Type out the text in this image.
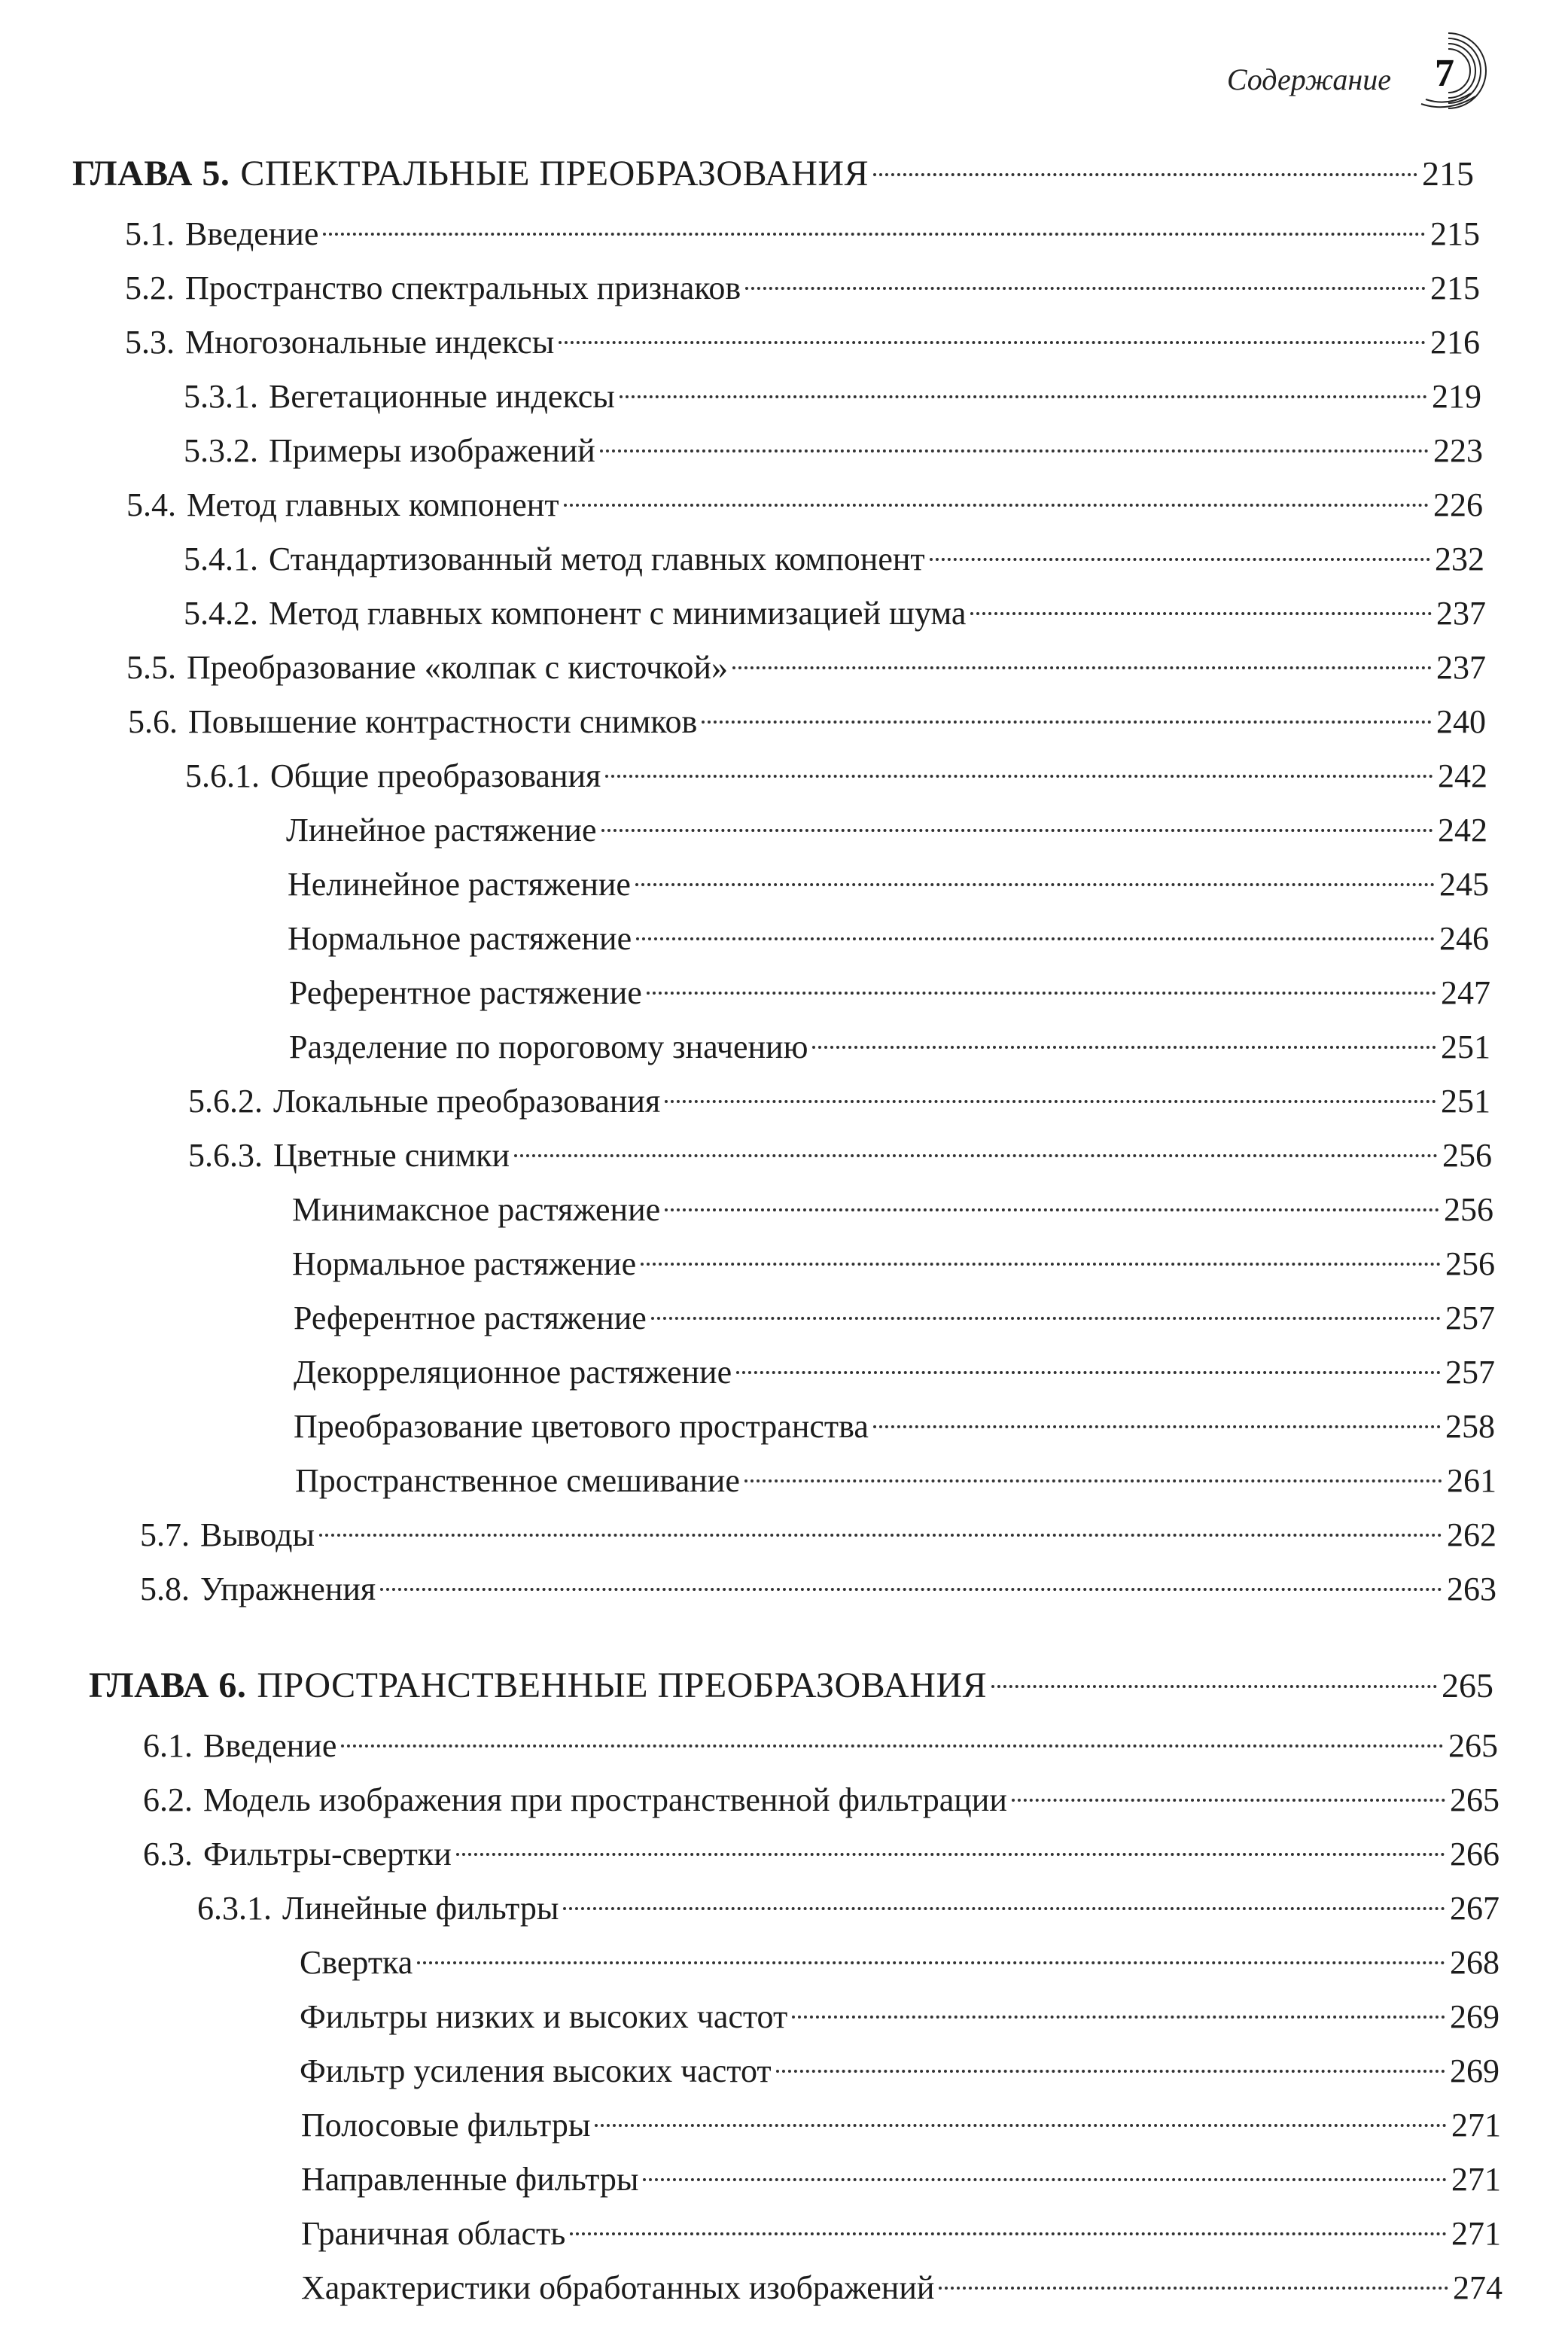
Содержание 7
ГЛАВА 5. СПЕКТРАЛЬНЫЕ ПРЕОБРАЗОВАНИЯ	215
5.1. Введение	215
5.2. Пространство спектральных признаков	215
5.3. Многозональные индексы	216
5.3.1. Вегетационные индексы	219
5.3.2. Примеры изображений	223
5.4. Метод главных компонент	226
5.4.1. Стандартизованный метод главных компонент	232
5.4.2. Метод главных компонент с минимизацией шума	237
5.5. Преобразование «колпак с кисточкой»	237
5.6. Повышение контрастности снимков	240
5.6.1. Общие преобразования	242
Линейное растяжение	242
Нелинейное растяжение	245
Нормальное растяжение	246
Референтное растяжение	247
Разделение по пороговому значению	251
5.6.2. Локальные преобразования	251
5.6.3. Цветные снимки	256
Минимаксное растяжение	256
Нормальное растяжение	256
Референтное растяжение	257
Декорреляционное растяжение	257
Преобразование цветового пространства	258
Пространственное смешивание	261
5.7. Выводы	262
5.8. Упражнения	263
ГЛАВА 6. ПРОСТРАНСТВЕННЫЕ ПРЕОБРАЗОВАНИЯ	265
6.1. Введение	265
6.2. Модель изображения при пространственной фильтрации	265
6.3. Фильтры-свертки	266
6.3.1. Линейные фильтры	267
Свертка	268
Фильтры низких и высоких частот	269
Фильтр усиления высоких частот	269
Полосовые фильтры	271
Направленные фильтры	271
Граничная область	271
Характеристики обработанных изображений	274
